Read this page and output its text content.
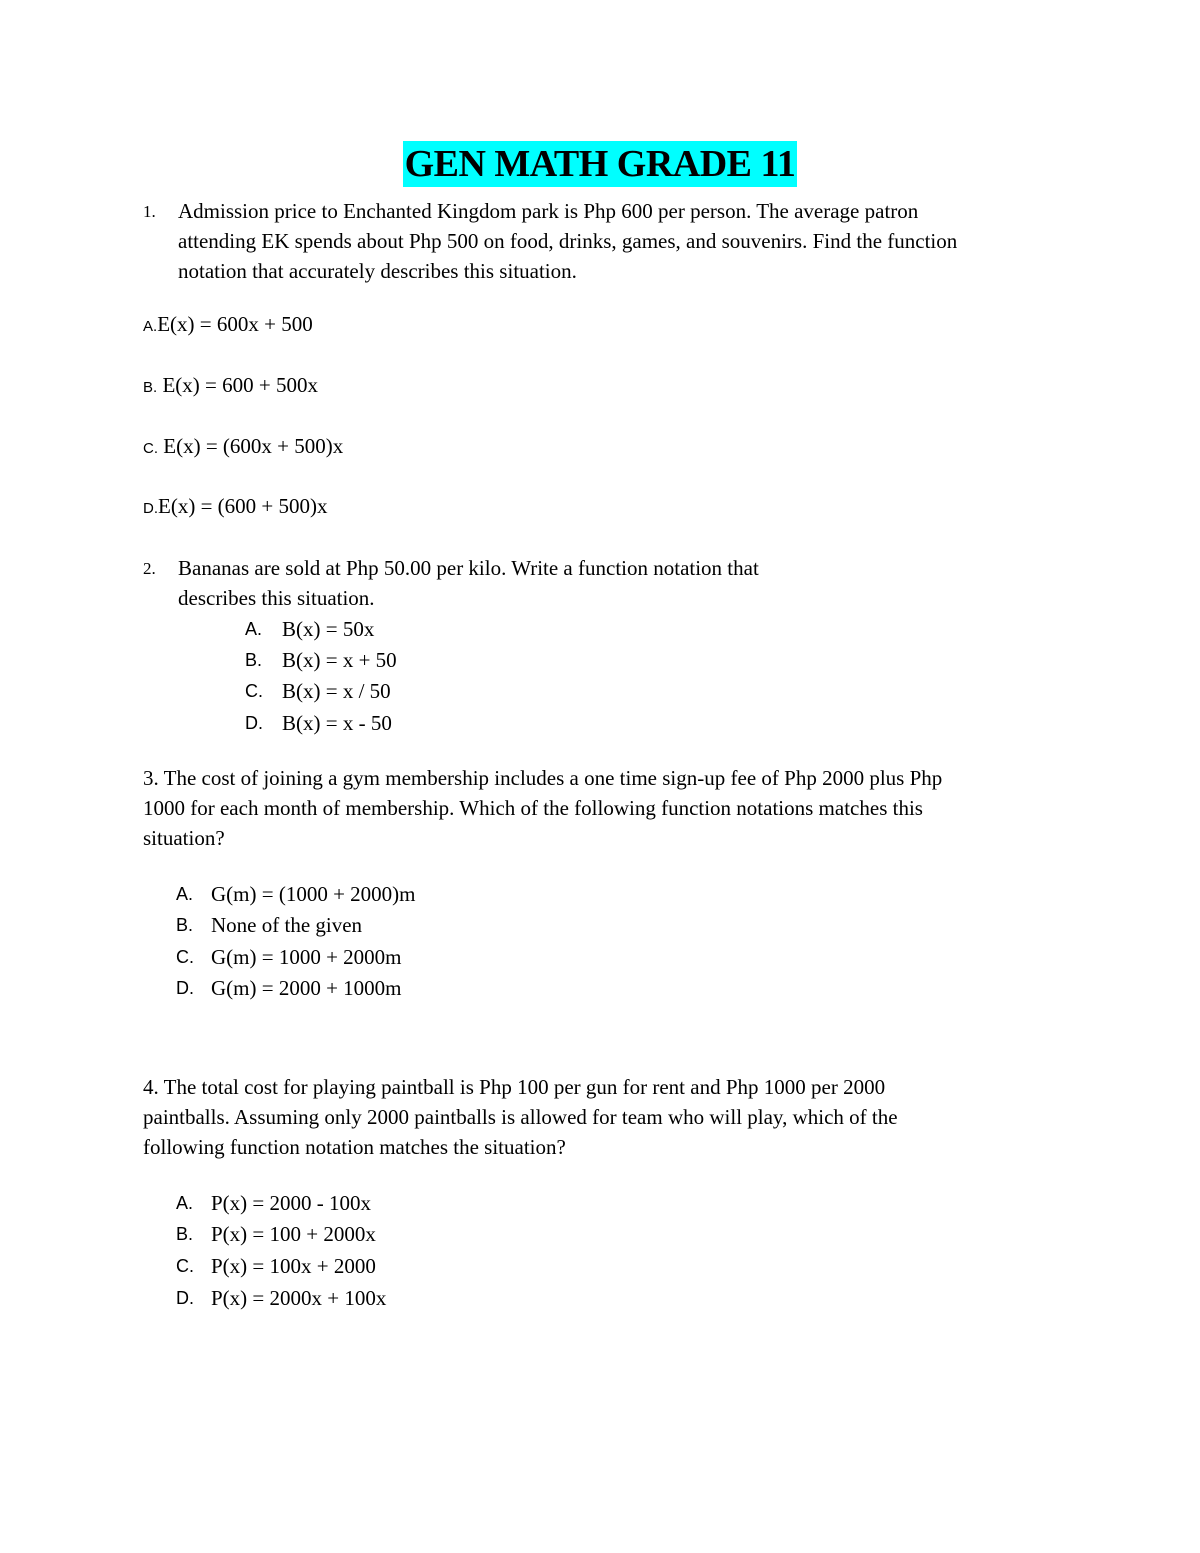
GEN MATH GRADE 11
1. Admission price to Enchanted Kingdom park is Php 600 per person. The average patron
attending EK spends about Php 500 on food, drinks, games, and souvenirs. Find the function
notation that accurately describes this situation.
A.E(x) = 600x + 500
B. E(x) = 600 + 500x
C. E(x) = (600x + 500)x
D.E(x) = (600 + 500)x
2. Bananas are sold at Php 50.00 per kilo. Write a function notation that
describes this situation.
A. B(x) = 50x
B. B(x) = x + 50
C. B(x) = x / 50
D. B(x) = x - 50
3. The cost of joining a gym membership includes a one time sign-up fee of Php 2000 plus Php
1000 for each month of membership. Which of the following function notations matches this
situation?
A. G(m) = (1000 + 2000)m
B. None of the given
C. G(m) = 1000 + 2000m
D. G(m) = 2000 + 1000m
4. The total cost for playing paintball is Php 100 per gun for rent and Php 1000 per 2000
paintballs. Assuming only 2000 paintballs is allowed for team who will play, which of the
following function notation matches the situation?
A. P(x) = 2000 - 100x
B. P(x) = 100 + 2000x
C. P(x) = 100x + 2000
D. P(x) = 2000x + 100x
